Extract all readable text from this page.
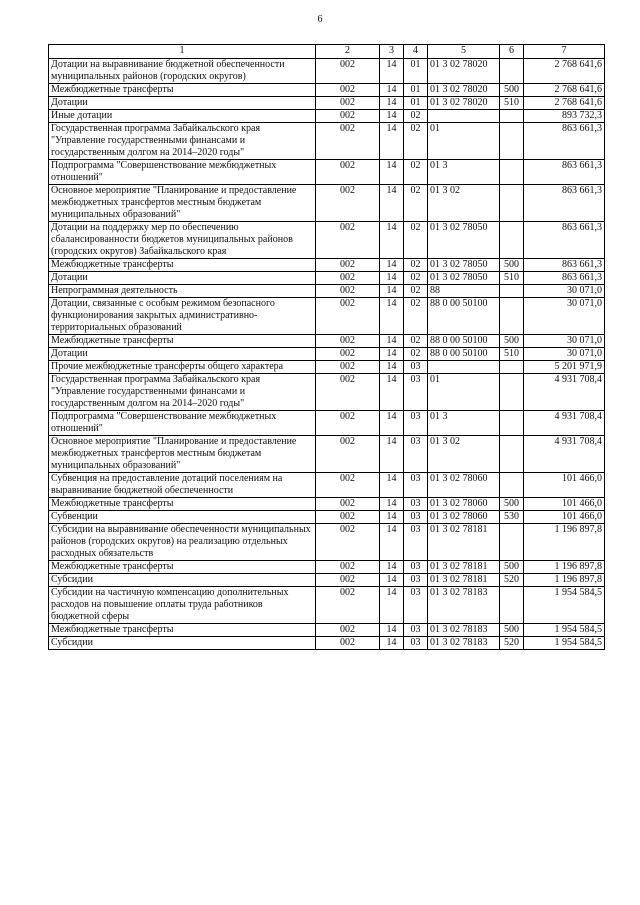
6
1	2	3	4	5	6	7
Дотации на выравнивание бюджетной обеспеченности муниципальных районов (городских округов)	002	14	01	01 3 02 78020		2 768 641,6
Межбюджетные трансферты	002	14	01	01 3 02 78020	500	2 768 641,6
Дотации	002	14	01	01 3 02 78020	510	2 768 641,6
Иные дотации	002	14	02			893 732,3
Государственная программа Забайкальского края "Управление государственными финансами и государственным долгом на 2014–2020 годы"	002	14	02	01		863 661,3
Подпрограмма "Совершенствование межбюджетных отношений"	002	14	02	01 3		863 661,3
Основное мероприятие "Планирование и предоставление межбюджетных трансфертов местным бюджетам муниципальных образований"	002	14	02	01 3 02		863 661,3
Дотации на поддержку мер по обеспечению сбалансированности бюджетов муниципальных районов (городских округов) Забайкальского края	002	14	02	01 3 02 78050		863 661,3
Межбюджетные трансферты	002	14	02	01 3 02 78050	500	863 661,3
Дотации	002	14	02	01 3 02 78050	510	863 661,3
Непрограммная деятельность	002	14	02	88		30 071,0
Дотации, связанные с особым режимом безопасного функционирования закрытых административно-территориальных образований	002	14	02	88 0 00 50100		30 071,0
Межбюджетные трансферты	002	14	02	88 0 00 50100	500	30 071,0
Дотации	002	14	02	88 0 00 50100	510	30 071,0
Прочие межбюджетные трансферты общего характера	002	14	03			5 201 971,9
Государственная программа Забайкальского края "Управление государственными финансами и государственным долгом на 2014–2020 годы"	002	14	03	01		4 931 708,4
Подпрограмма "Совершенствование межбюджетных отношений"	002	14	03	01 3		4 931 708,4
Основное мероприятие "Планирование и предоставление межбюджетных трансфертов местным бюджетам муниципальных образований"	002	14	03	01 3 02		4 931 708,4
Субвенция на предоставление дотаций поселениям на выравнивание бюджетной обеспеченности	002	14	03	01 3 02 78060		101 466,0
Межбюджетные трансферты	002	14	03	01 3 02 78060	500	101 466,0
Субвенции	002	14	03	01 3 02 78060	530	101 466,0
Субсидии на выравнивание обеспеченности муниципальных районов (городских округов) на реализацию отдельных расходных обязательств	002	14	03	01 3 02 78181		1 196 897,8
Межбюджетные трансферты	002	14	03	01 3 02 78181	500	1 196 897,8
Субсидии	002	14	03	01 3 02 78181	520	1 196 897,8
Субсидии на частичную компенсацию дополнительных расходов на повышение оплаты труда работников бюджетной сферы	002	14	03	01 3 02 78183		1 954 584,5
Межбюджетные трансферты	002	14	03	01 3 02 78183	500	1 954 584,5
Субсидии	002	14	03	01 3 02 78183	520	1 954 584,5
